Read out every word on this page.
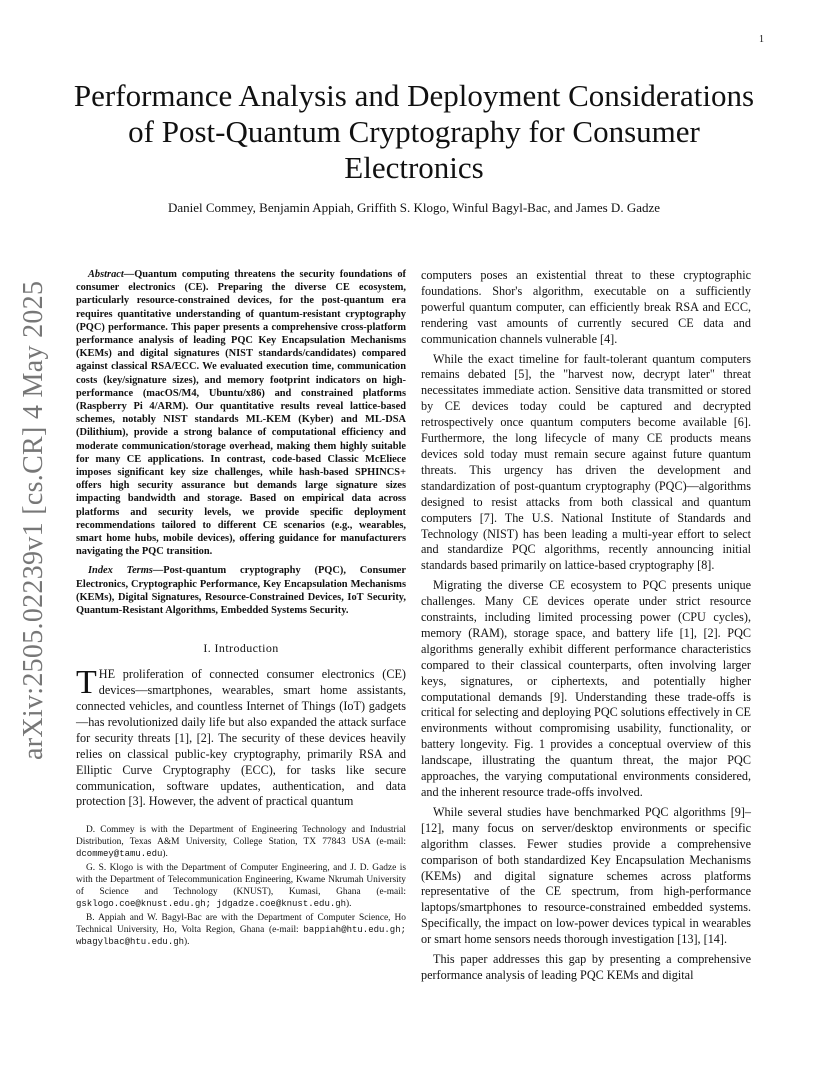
1
arXiv:2505.02239v1 [cs.CR] 4 May 2025
Performance Analysis and Deployment Considerations of Post-Quantum Cryptography for Consumer Electronics
Daniel Commey, Benjamin Appiah, Griffith S. Klogo, Winful Bagyl-Bac, and James D. Gadze

Abstract—Quantum computing threatens the security foundations of consumer electronics (CE). Preparing the diverse CE ecosystem, particularly resource-constrained devices, for the post-quantum era requires quantitative understanding of quantum-resistant cryptography (PQC) performance. This paper presents a comprehensive cross-platform performance analysis of leading PQC Key Encapsulation Mechanisms (KEMs) and digital signatures (NIST standards/candidates) compared against classical RSA/ECC. We evaluated execution time, communication costs (key/signature sizes), and memory footprint indicators on high-performance (macOS/M4, Ubuntu/x86) and constrained platforms (Raspberry Pi 4/ARM). Our quantitative results reveal lattice-based schemes, notably NIST standards ML-KEM (Kyber) and ML-DSA (Dilithium), provide a strong balance of computational efficiency and moderate communication/storage overhead, making them highly suitable for many CE applications. In contrast, code-based Classic McEliece imposes significant key size challenges, while hash-based SPHINCS+ offers high security assurance but demands large signature sizes impacting bandwidth and storage. Based on empirical data across platforms and security levels, we provide specific deployment recommendations tailored to different CE scenarios (e.g., wearables, smart home hubs, mobile devices), offering guidance for manufacturers navigating the PQC transition.

Index Terms—Post-quantum cryptography (PQC), Consumer Electronics, Cryptographic Performance, Key Encapsulation Mechanisms (KEMs), Digital Signatures, Resource-Constrained Devices, IoT Security, Quantum-Resistant Algorithms, Embedded Systems Security.

I. Introduction

THE proliferation of connected consumer electronics (CE) devices—smartphones, wearables, smart home assistants, connected vehicles, and countless Internet of Things (IoT) gadgets—has revolutionized daily life but also expanded the attack surface for security threats [1], [2]. The security of these devices heavily relies on classical public-key cryptography, primarily RSA and Elliptic Curve Cryptography (ECC), for tasks like secure communication, software updates, authentication, and data protection [3]. However, the advent of practical quantum

D. Commey is with the Department of Engineering Technology and Industrial Distribution, Texas A&M University, College Station, TX 77843 USA (e-mail: dcommey@tamu.edu).

G. S. Klogo is with the Department of Computer Engineering, and J. D. Gadze is with the Department of Telecommunication Engineering, Kwame Nkrumah University of Science and Technology (KNUST), Kumasi, Ghana (e-mail: gsklogo.coe@knust.edu.gh; jdgadze.coe@knust.edu.gh).

B. Appiah and W. Bagyl-Bac are with the Department of Computer Science, Ho Technical University, Ho, Volta Region, Ghana (e-mail: bappiah@htu.edu.gh; wbagylbac@htu.edu.gh).

computers poses an existential threat to these cryptographic foundations. Shor's algorithm, executable on a sufficiently powerful quantum computer, can efficiently break RSA and ECC, rendering vast amounts of currently secured CE data and communication channels vulnerable [4].

While the exact timeline for fault-tolerant quantum computers remains debated [5], the "harvest now, decrypt later" threat necessitates immediate action. Sensitive data transmitted or stored by CE devices today could be captured and decrypted retrospectively once quantum computers become available [6]. Furthermore, the long lifecycle of many CE products means devices sold today must remain secure against future quantum threats. This urgency has driven the development and standardization of post-quantum cryptography (PQC)—algorithms designed to resist attacks from both classical and quantum computers [7]. The U.S. National Institute of Standards and Technology (NIST) has been leading a multi-year effort to select and standardize PQC algorithms, recently announcing initial standards based primarily on lattice-based cryptography [8].

Migrating the diverse CE ecosystem to PQC presents unique challenges. Many CE devices operate under strict resource constraints, including limited processing power (CPU cycles), memory (RAM), storage space, and battery life [1], [2]. PQC algorithms generally exhibit different performance characteristics compared to their classical counterparts, often involving larger keys, signatures, or ciphertexts, and potentially higher computational demands [9]. Understanding these trade-offs is critical for selecting and deploying PQC solutions effectively in CE environments without compromising usability, functionality, or battery longevity. Fig. 1 provides a conceptual overview of this landscape, illustrating the quantum threat, the major PQC approaches, the varying computational environments considered, and the inherent resource trade-offs involved.

While several studies have benchmarked PQC algorithms [9]–[12], many focus on server/desktop environments or specific algorithm classes. Fewer studies provide a comprehensive comparison of both standardized Key Encapsulation Mechanisms (KEMs) and digital signature schemes across platforms representative of the CE spectrum, from high-performance laptops/smartphones to resource-constrained embedded systems. Specifically, the impact on low-power devices typical in wearables or smart home sensors needs thorough investigation [13], [14].

This paper addresses this gap by presenting a comprehensive performance analysis of leading PQC KEMs and digital
